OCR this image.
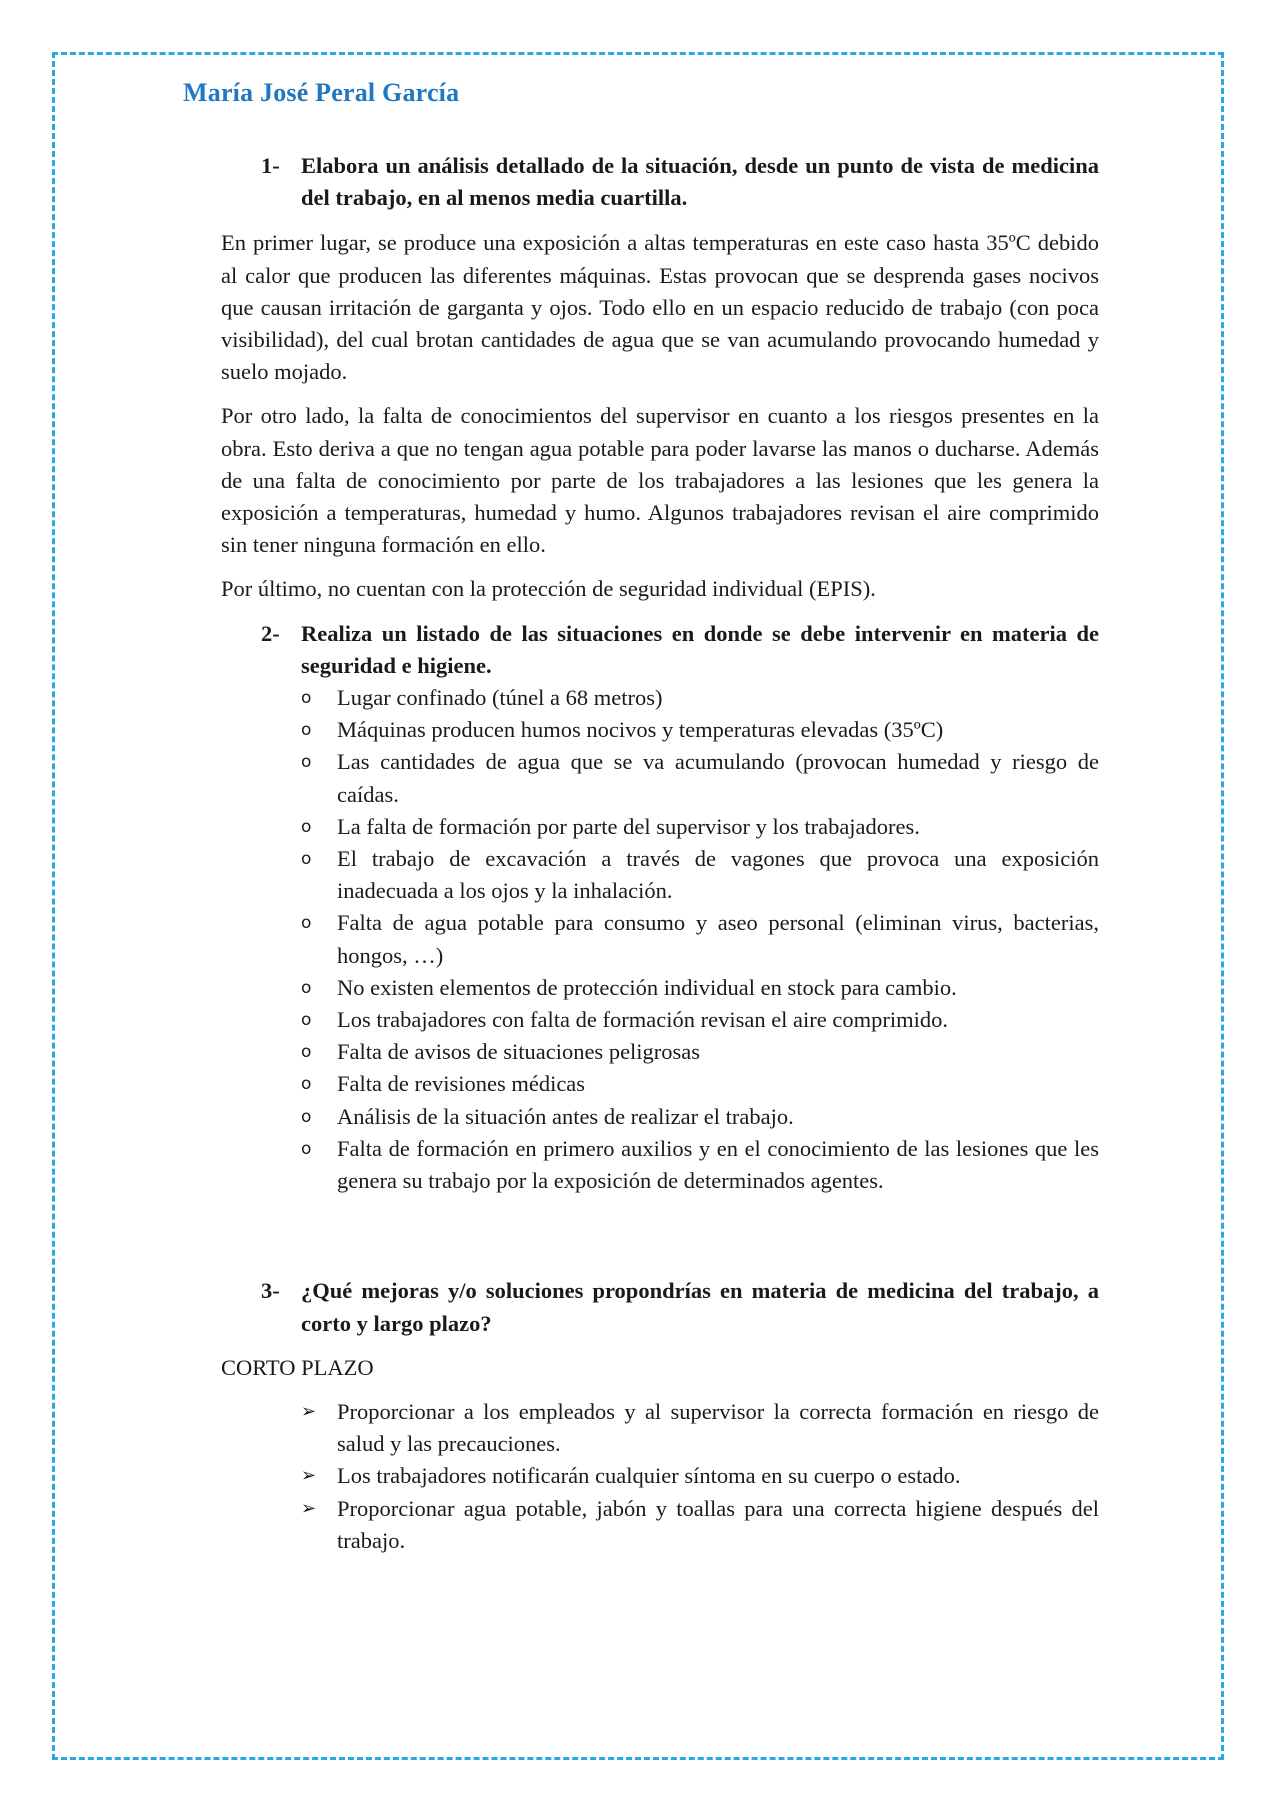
María José Peral García
1- Elabora un análisis detallado de la situación, desde un punto de vista de medicina del trabajo, en al menos media cuartilla.

En primer lugar, se produce una exposición a altas temperaturas en este caso hasta 35ºC debido al calor que producen las diferentes máquinas. Estas provocan que se desprenda gases nocivos que causan irritación de garganta y ojos. Todo ello en un espacio reducido de trabajo (con poca visibilidad), del cual brotan cantidades de agua que se van acumulando provocando humedad y suelo mojado.

Por otro lado, la falta de conocimientos del supervisor en cuanto a los riesgos presentes en la obra. Esto deriva a que no tengan agua potable para poder lavarse las manos o ducharse. Además de una falta de conocimiento por parte de los trabajadores a las lesiones que les genera la exposición a temperaturas, humedad y humo. Algunos trabajadores revisan el aire comprimido sin tener ninguna formación en ello.

Por último, no cuentan con la protección de seguridad individual (EPIS).

2- Realiza un listado de las situaciones en donde se debe intervenir en materia de seguridad e higiene.
o	Lugar confinado (túnel a 68 metros)
o	Máquinas producen humos nocivos y temperaturas elevadas (35ºC)
o	Las cantidades de agua que se va acumulando (provocan humedad y riesgo de caídas.
o	La falta de formación por parte del supervisor y los trabajadores.
o	El trabajo de excavación a través de vagones que provoca una exposición inadecuada a los ojos y la inhalación.
o	Falta de agua potable para consumo y aseo personal (eliminan virus, bacterias, hongos, …)
o	No existen elementos de protección individual en stock para cambio.
o	Los trabajadores con falta de formación revisan el aire comprimido.
o	Falta de avisos de situaciones peligrosas
o	Falta de revisiones médicas
o	Análisis de la situación antes de realizar el trabajo.
o	Falta de formación en primero auxilios y en el conocimiento de las lesiones que les genera su trabajo por la exposición de determinados agentes.
3- ¿Qué mejoras y/o soluciones propondrías en materia de medicina del trabajo, a corto y largo plazo?

CORTO PLAZO

➢ Proporcionar a los empleados y al supervisor la correcta formación en riesgo de salud y las precauciones.
➢ Los trabajadores notificarán cualquier síntoma en su cuerpo o estado.
➢ Proporcionar agua potable, jabón y toallas para una correcta higiene después del trabajo.
